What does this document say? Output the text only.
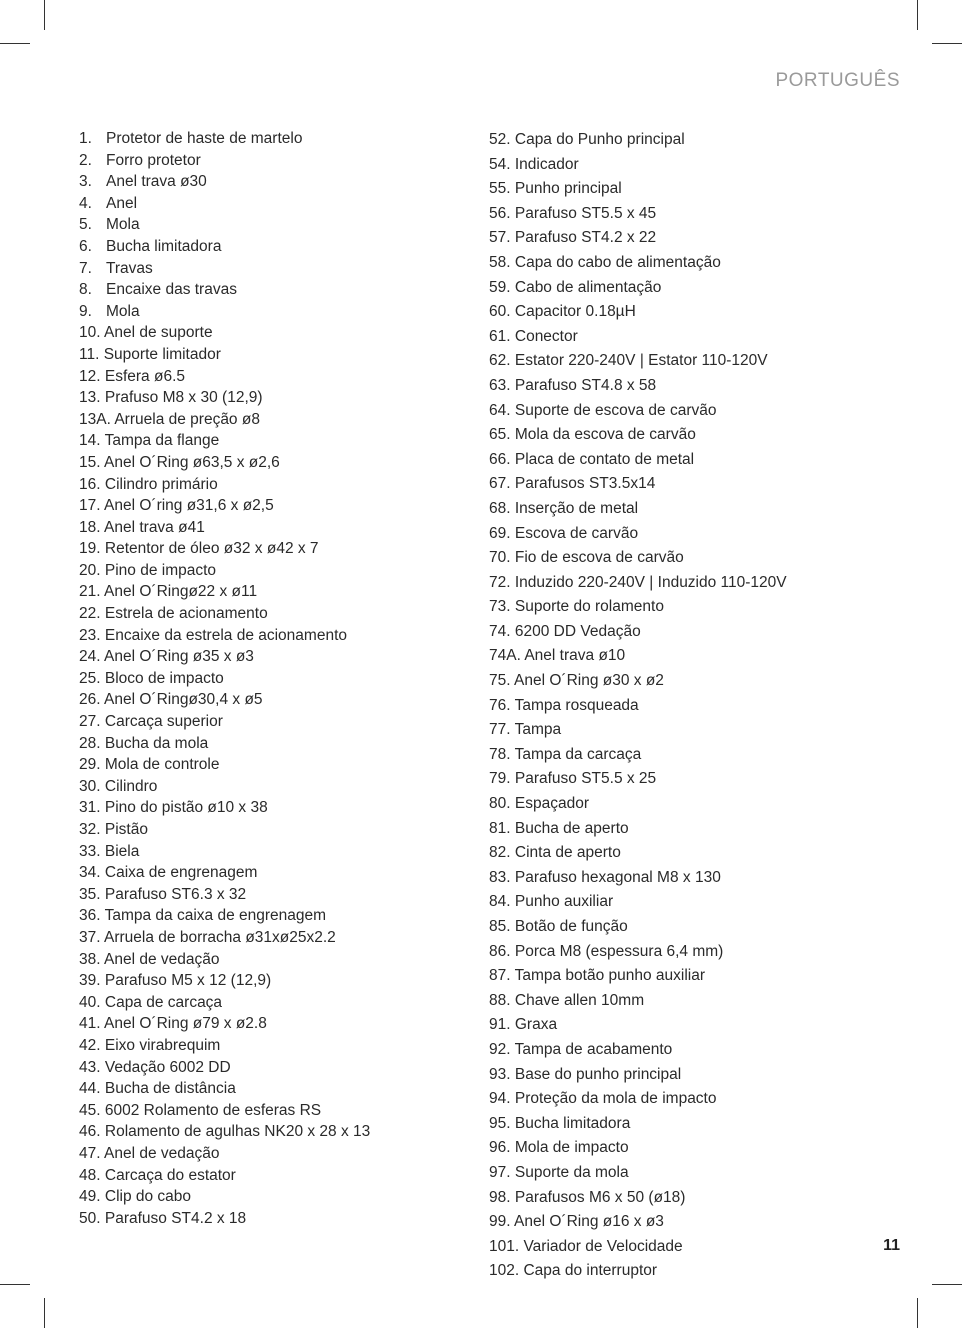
PORTUGUÊS
1. Protetor de haste de martelo
2. Forro protetor
3. Anel trava ø30
4. Anel
5. Mola
6. Bucha limitadora
7. Travas
8. Encaixe das travas
9. Mola
10. Anel de suporte
11. Suporte limitador
12. Esfera ø6.5
13. Prafuso M8 x 30 (12,9)
13A. Arruela de preção ø8
14. Tampa da flange
15. Anel O´Ring ø63,5 x ø2,6
16. Cilindro primário
17. Anel O´ring ø31,6 x ø2,5
18. Anel trava ø41
19. Retentor de óleo ø32 x ø42 x 7
20. Pino de impacto
21. Anel O´Ringø22 x ø11
22. Estrela de acionamento
23. Encaixe da estrela de acionamento
24. Anel O´Ring ø35 x ø3
25. Bloco de impacto
26. Anel O´Ringø30,4 x ø5
27. Carcaça superior
28. Bucha da mola
29. Mola de controle
30. Cilindro
31. Pino do pistão ø10 x 38
32. Pistão
33. Biela
34. Caixa de engrenagem
35. Parafuso ST6.3 x 32
36. Tampa da caixa de engrenagem
37. Arruela de borracha ø31xø25x2.2
38. Anel de vedação
39. Parafuso M5 x 12 (12,9)
40. Capa de carcaça
41. Anel O´Ring ø79 x ø2.8
42. Eixo virabrequim
43. Vedação 6002 DD
44. Bucha de distância
45. 6002 Rolamento de esferas RS
46. Rolamento de agulhas NK20 x 28 x 13
47. Anel de vedação
48. Carcaça do estator
49. Clip do cabo
50. Parafuso ST4.2 x 18
52. Capa do Punho principal
54. Indicador
55. Punho principal
56. Parafuso ST5.5 x 45
57. Parafuso ST4.2 x 22
58. Capa do cabo de alimentação
59. Cabo de alimentação
60. Capacitor 0.18µH
61. Conector
62. Estator 220-240V | Estator 110-120V
63. Parafuso ST4.8 x 58
64. Suporte de escova de carvão
65. Mola da escova de carvão
66. Placa de contato de metal
67. Parafusos ST3.5x14
68. Inserção de metal
69. Escova de carvão
70. Fio de escova de carvão
72. Induzido 220-240V | Induzido 110-120V
73. Suporte do rolamento
74. 6200 DD Vedação
74A. Anel trava ø10
75. Anel O´Ring ø30 x ø2
76. Tampa rosqueada
77. Tampa
78. Tampa da carcaça
79. Parafuso ST5.5 x 25
80. Espaçador
81. Bucha de aperto
82. Cinta de aperto
83. Parafuso hexagonal M8 x 130
84. Punho auxiliar
85. Botão de função
86. Porca M8 (espessura 6,4 mm)
87. Tampa botão punho auxiliar
88. Chave allen 10mm
91. Graxa
92. Tampa de acabamento
93. Base do punho principal
94. Proteção da mola de impacto
95. Bucha limitadora
96. Mola de impacto
97. Suporte da mola
98. Parafusos M6 x 50 (ø18)
99. Anel O´Ring ø16 x ø3
101. Variador de Velocidade
102. Capa do interruptor
11
